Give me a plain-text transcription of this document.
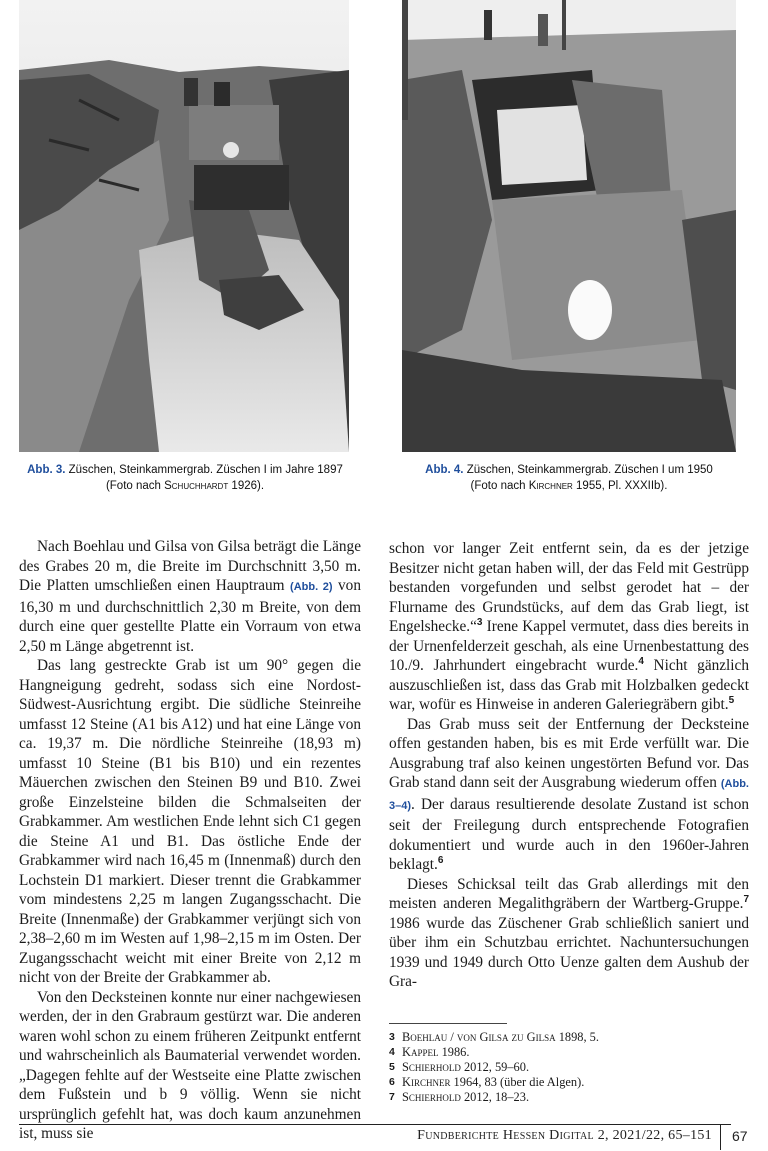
Abb. 3. Züschen, Steinkammergrab. Züschen I im Jahre 1897
(Foto nach Schuchhardt 1926).
Abb. 4. Züschen, Steinkammergrab. Züschen I um 1950
(Foto nach Kirchner 1955, Pl. XXXIIb).

Nach Boehlau und Gilsa von Gilsa beträgt die Länge des Grabes 20 m, die Breite im Durchschnitt 3,50 m. Die Platten umschließen einen Hauptraum (Abb. 2) von 16,30 m und durchschnittlich 2,30 m Breite, von dem durch eine quer gestellte Platte ein Vorraum von etwa 2,50 m Länge abgetrennt ist.

Das lang gestreckte Grab ist um 90° gegen die Hangneigung gedreht, sodass sich eine Nordost-Südwest-Ausrichtung ergibt. Die südliche Steinreihe umfasst 12 Steine (A1 bis A12) und hat eine Länge von ca. 19,37 m. Die nördliche Steinreihe (18,93 m) umfasst 10 Steine (B1 bis B10) und ein rezentes Mäuerchen zwischen den Steinen B9 und B10. Zwei große Einzelsteine bilden die Schmalseiten der Grabkammer. Am westlichen Ende lehnt sich C1 gegen die Steine A1 und B1. Das östliche Ende der Grabkammer wird nach 16,45 m (Innenmaß) durch den Lochstein D1 markiert. Dieser trennt die Grabkammer vom mindestens 2,25 m langen Zugangsschacht. Die Breite (Innenmaße) der Grabkammer verjüngt sich von 2,38–2,60 m im Westen auf 1,98–2,15 m im Osten. Der Zugangsschacht weicht mit einer Breite von 2,12 m nicht von der Breite der Grabkammer ab.

Von den Decksteinen konnte nur einer nachgewiesen werden, der in den Grabraum gestürzt war. Die anderen waren wohl schon zu einem früheren Zeitpunkt entfernt und wahrscheinlich als Baumaterial verwendet worden. „Dagegen fehlte auf der Westseite eine Platte zwischen dem Fußstein und b 9 völlig. Wenn sie nicht ursprünglich gefehlt hat, was doch kaum anzunehmen ist, muss sie

schon vor langer Zeit entfernt sein, da es der jetzige Besitzer nicht getan haben will, der das Feld mit Gestrüpp bestanden vorgefunden und selbst gerodet hat – der Flurname des Grundstücks, auf dem das Grab liegt, ist Engelshecke.“$^3$ Irene Kappel vermutet, dass dies bereits in der Urnenfelderzeit geschah, als eine Urnenbestattung des 10./9. Jahrhundert eingebracht wurde.$^4$ Nicht gänzlich auszuschließen ist, dass das Grab mit Holzbalken gedeckt war, wofür es Hinweise in anderen Galeriegräbern gibt.$^5$

Das Grab muss seit der Entfernung der Decksteine offen gestanden haben, bis es mit Erde verfüllt war. Die Ausgrabung traf also keinen ungestörten Befund vor. Das Grab stand dann seit der Ausgrabung wiederum offen (Abb. 3–4). Der daraus resultierende desolate Zustand ist schon seit der Freilegung durch entsprechende Fotografien dokumentiert und wurde auch in den 1960er-Jahren beklagt.$^6$

Dieses Schicksal teilt das Grab allerdings mit den meisten anderen Megalithgräbern der Wartberg-Gruppe.$^7$ 1986 wurde das Züschener Grab schließlich saniert und über ihm ein Schutzbau errichtet. Nachuntersuchungen 1939 und 1949 durch Otto Uenze galten dem Aushub der Gra-

3 Boehlau / von Gilsa zu Gilsa 1898, 5.
4 Kappel 1986.
5 Schierhold 2012, 59–60.
6 Kirchner 1964, 83 (über die Algen).
7 Schierhold 2012, 18–23.
Fundberichte Hessen Digital 2, 2021/22, 65–151 67
